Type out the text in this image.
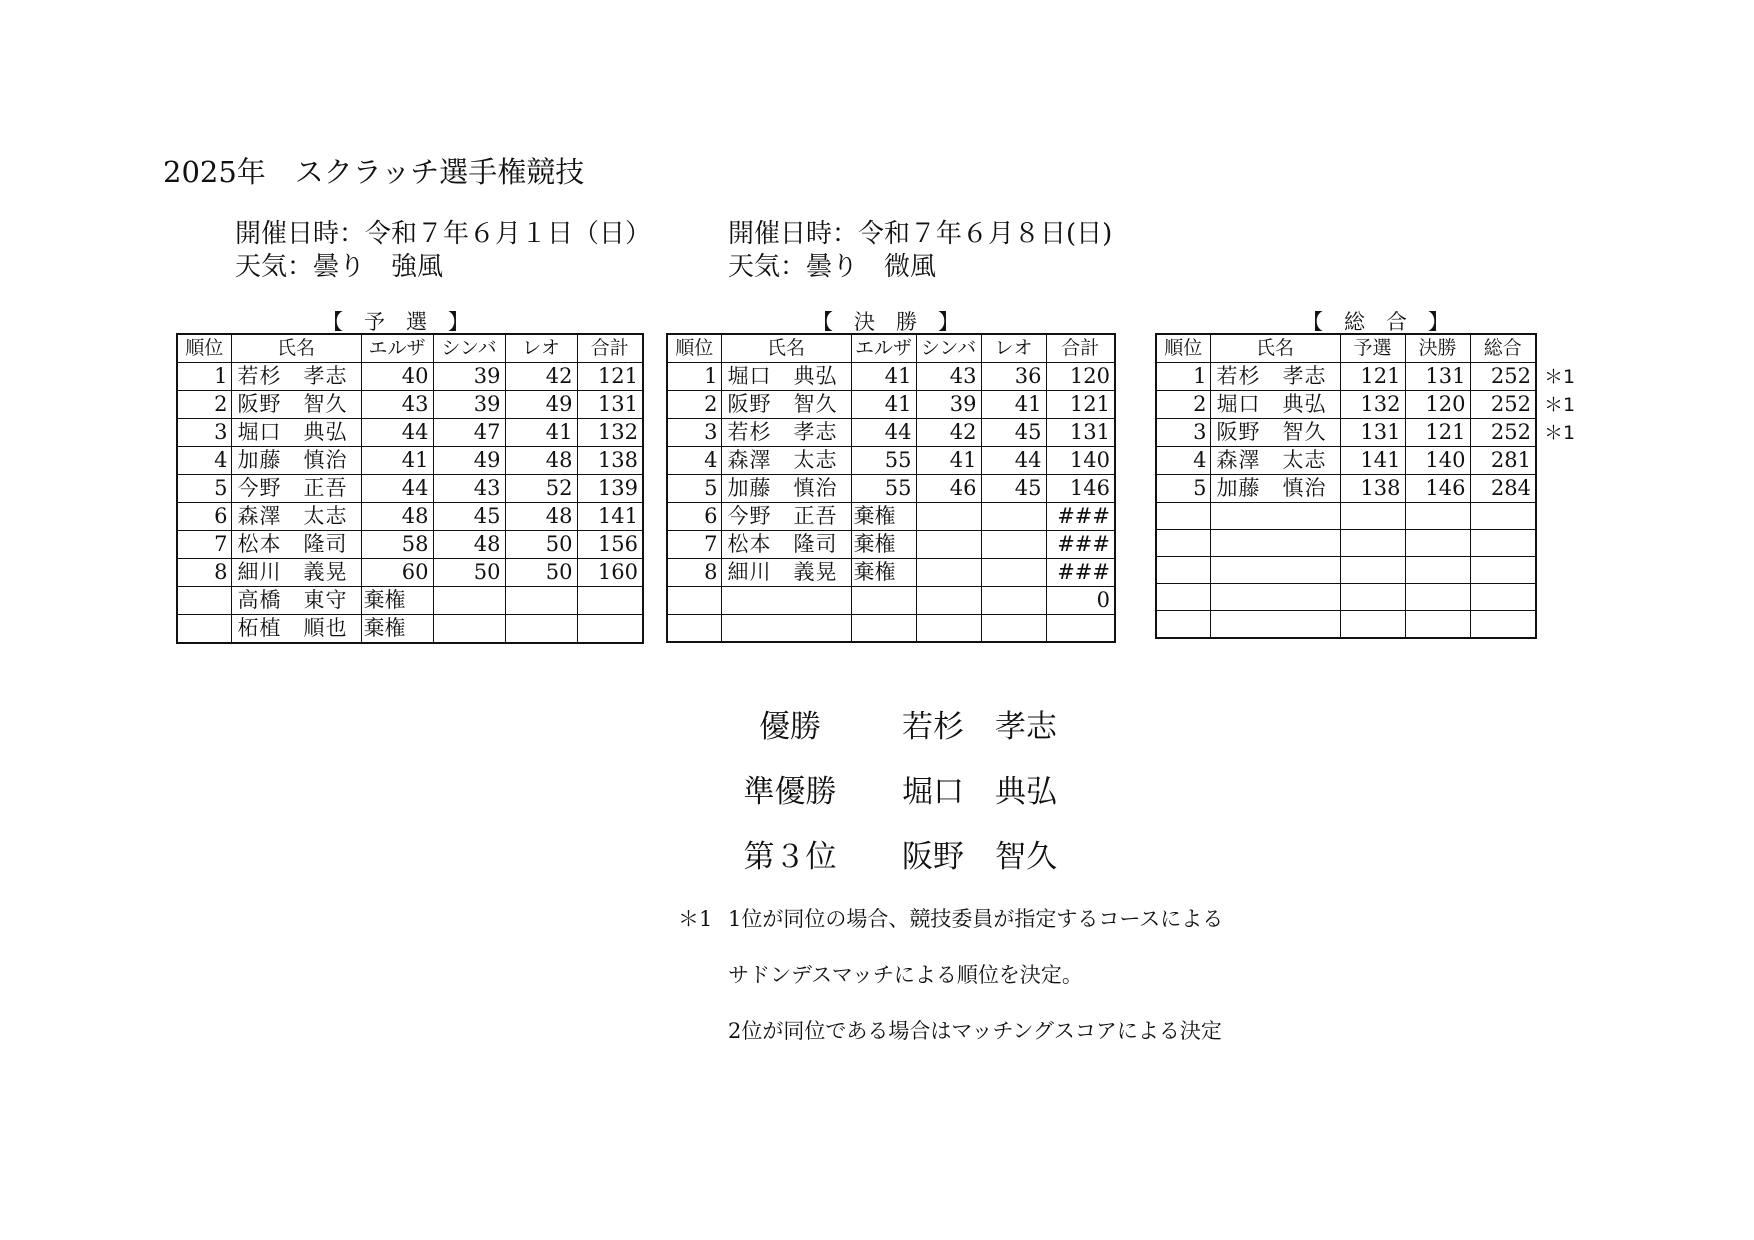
2025年　スクラッチ選手権競技
開催日時：令和７年６月１日（日）
天気：曇り　強風
開催日時：令和７年６月８日(日)
天気：曇り　微風
【　予　選　】	【　決　勝　】	【　総　合　】
順位	氏名	エルザ	シンバ	レオ	合計
1	若杉　孝志	40	39	42	121
2	阪野　智久	43	39	49	131
3	堀口　典弘	44	47	41	132
4	加藤　慎治	41	49	48	138
5	今野　正吾	44	43	52	139
6	森澤　太志	48	45	48	141
7	松本　隆司	58	48	50	156
8	細川　義晃	60	50	50	160
	高橋　東守	棄権			
	柘植　順也	棄権			
順位	氏名	エルザ	シンバ	レオ	合計
1	堀口　典弘	41	43	36	120
2	阪野　智久	41	39	41	121
3	若杉　孝志	44	42	45	131
4	森澤　太志	55	41	44	140
5	加藤　慎治	55	46	45	146
6	今野　正吾	棄権			###
7	松本　隆司	棄権			###
8	細川　義晃	棄権			###
					0

順位	氏名	予選	決勝	総合
1	若杉　孝志	121	131	252
2	堀口　典弘	132	120	252
3	阪野　智久	131	121	252
4	森澤　太志	141	140	281
5	加藤　慎治	138	146	284

＊1
＊1
＊1
優勝	若杉　孝志
準優勝 堀口　典弘
第３位 阪野　智久
＊1 1位が同位の場合、競技委員が指定するコースによる
サドンデスマッチによる順位を決定。
2位が同位である場合はマッチングスコアによる決定
